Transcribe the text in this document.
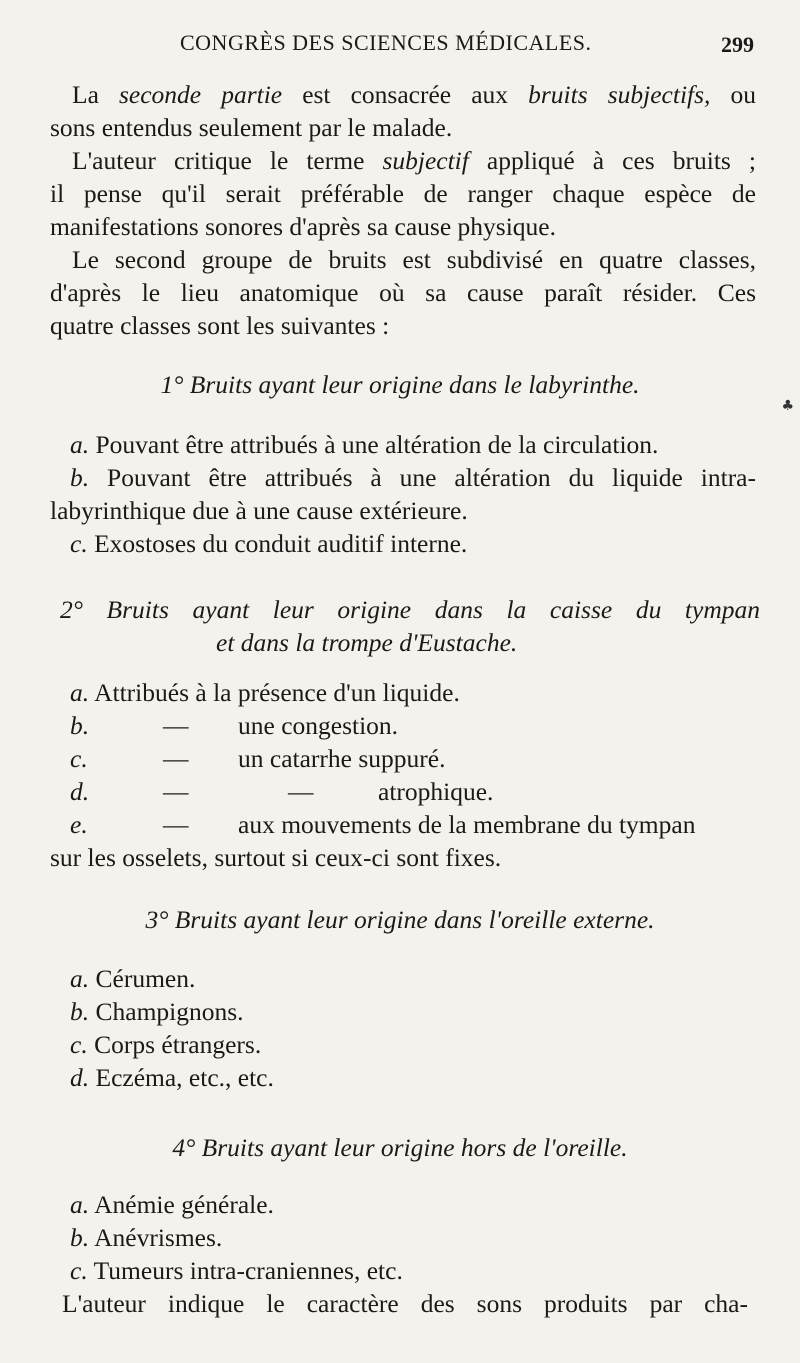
CONGRÈS DES SCIENCES MÉDICALES.	299
♣
La seconde partie est consacrée aux bruits subjectifs, ou
sons entendus seulement par le malade.
L'auteur critique le terme subjectif appliqué à ces bruits ;
il pense qu'il serait préférable de ranger chaque espèce de
manifestations sonores d'après sa cause physique.
Le second groupe de bruits est subdivisé en quatre classes,
d'après le lieu anatomique où sa cause paraît résider. Ces
quatre classes sont les suivantes :
1° Bruits ayant leur origine dans le labyrinthe.
a. Pouvant être attribués à une altération de la circulation.
b. Pouvant être attribués à une altération du liquide intra-
labyrinthique due à une cause extérieure.
c. Exostoses du conduit auditif interne.
2° Bruits ayant leur origine dans la caisse du tympan
et dans la trompe d'Eustache.
a. Attribués à la présence d'un liquide.
b.	— une congestion.
c.	— un catarrhe suppuré.
d.	—	—	atrophique.
e.	— aux mouvements de la membrane du tympan
sur les osselets, surtout si ceux-ci sont fixes.
3° Bruits ayant leur origine dans l'oreille externe.
a. Cérumen.
b. Champignons.
c. Corps étrangers.
d. Eczéma, etc., etc.
4° Bruits ayant leur origine hors de l'oreille.
a. Anémie générale.
b. Anévrismes.
c. Tumeurs intra-craniennes, etc.
L'auteur indique le caractère des sons produits par cha-
